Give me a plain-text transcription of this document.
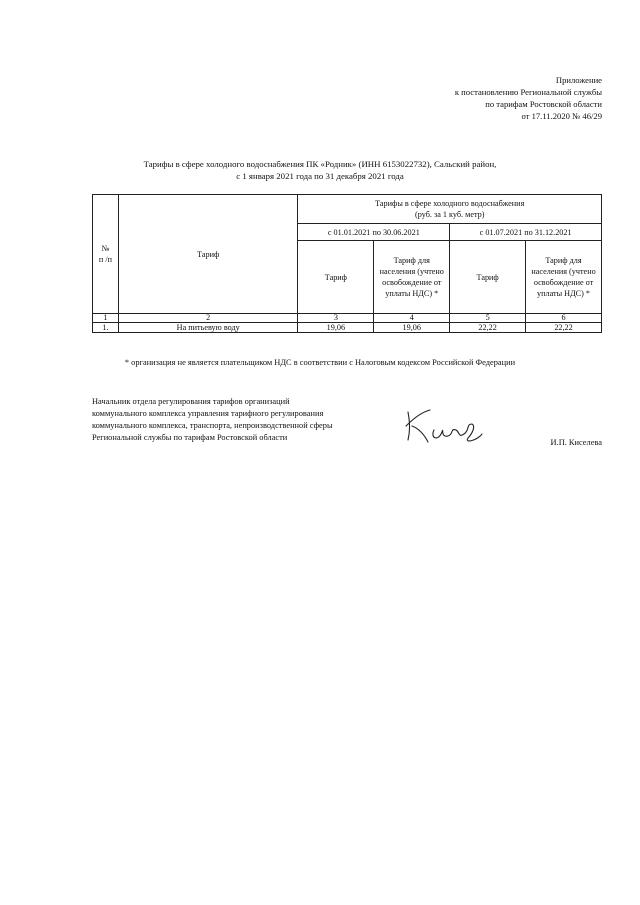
Приложение
к постановлению Региональной службы
по тарифам Ростовской области
от 17.11.2020 № 46/29
Тарифы в сфере холодного водоснабжения ПК «Родник» (ИНН 6153022732), Сальский район,
с 1 января 2021 года по 31 декабря 2021 года
№
п /п	Тариф	Тарифы в сфере холодного водоснабжения
(руб. за 1 куб. метр)			
		с 01.01.2021 по 30.06.2021		с 01.07.2021 по 31.12.2021	
		Тариф	Тариф для населения (учтено освобождение от уплаты НДС) *	Тариф	Тариф для населения (учтено освобождение от уплаты НДС) *
1	2	3	4	5	6
1.	На питьевую воду	19,06	19,06	22,22	22,22
* организация не является плательщиком НДС в соответствии с Налоговым кодексом Российской Федерации
Начальник отдела регулирования тарифов организаций
коммунального комплекса управления тарифного регулирования
коммунального комплекса, транспорта, непроизводственной сферы
Региональной службы по тарифам Ростовской области
И.П. Киселева
